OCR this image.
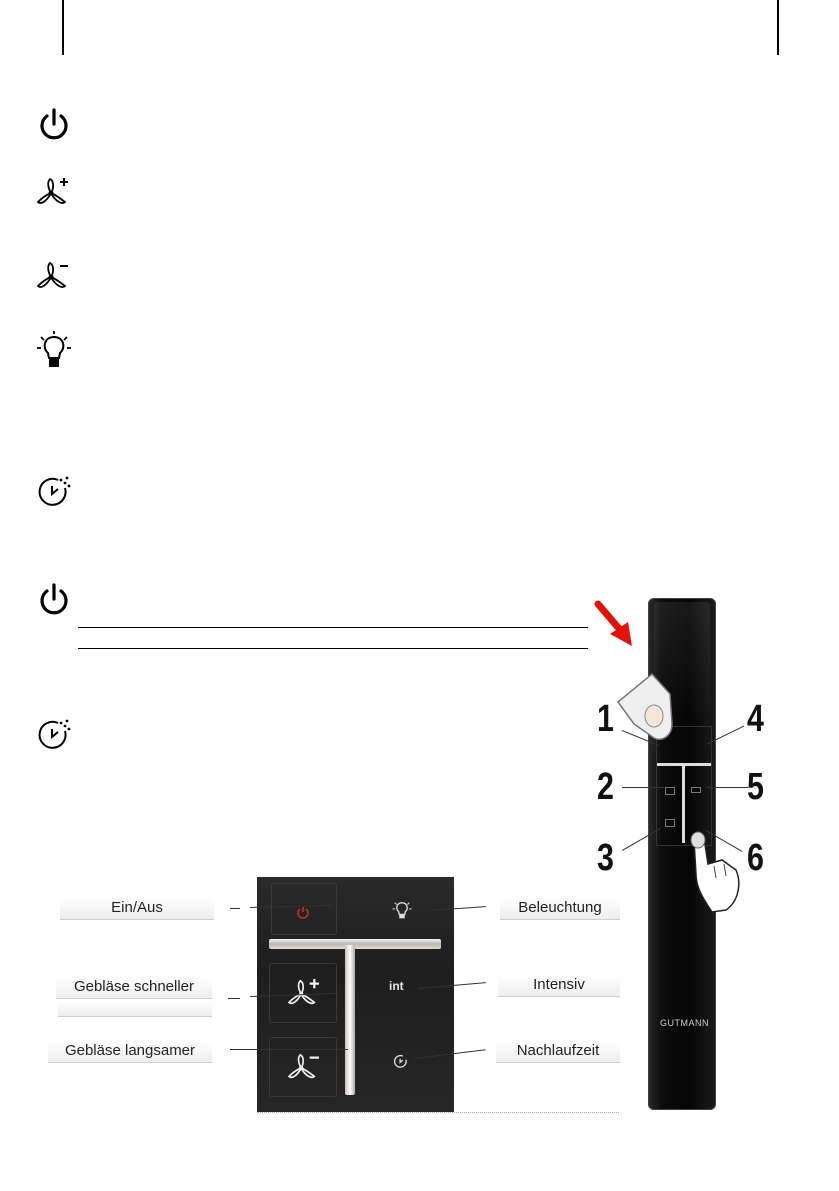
int
Ein/Aus
Gebläse schneller
Gebläse langsamer
Beleuchtung
Intensiv
Nachlaufzeit
GUTMANN
1
2
3
4
5
6
